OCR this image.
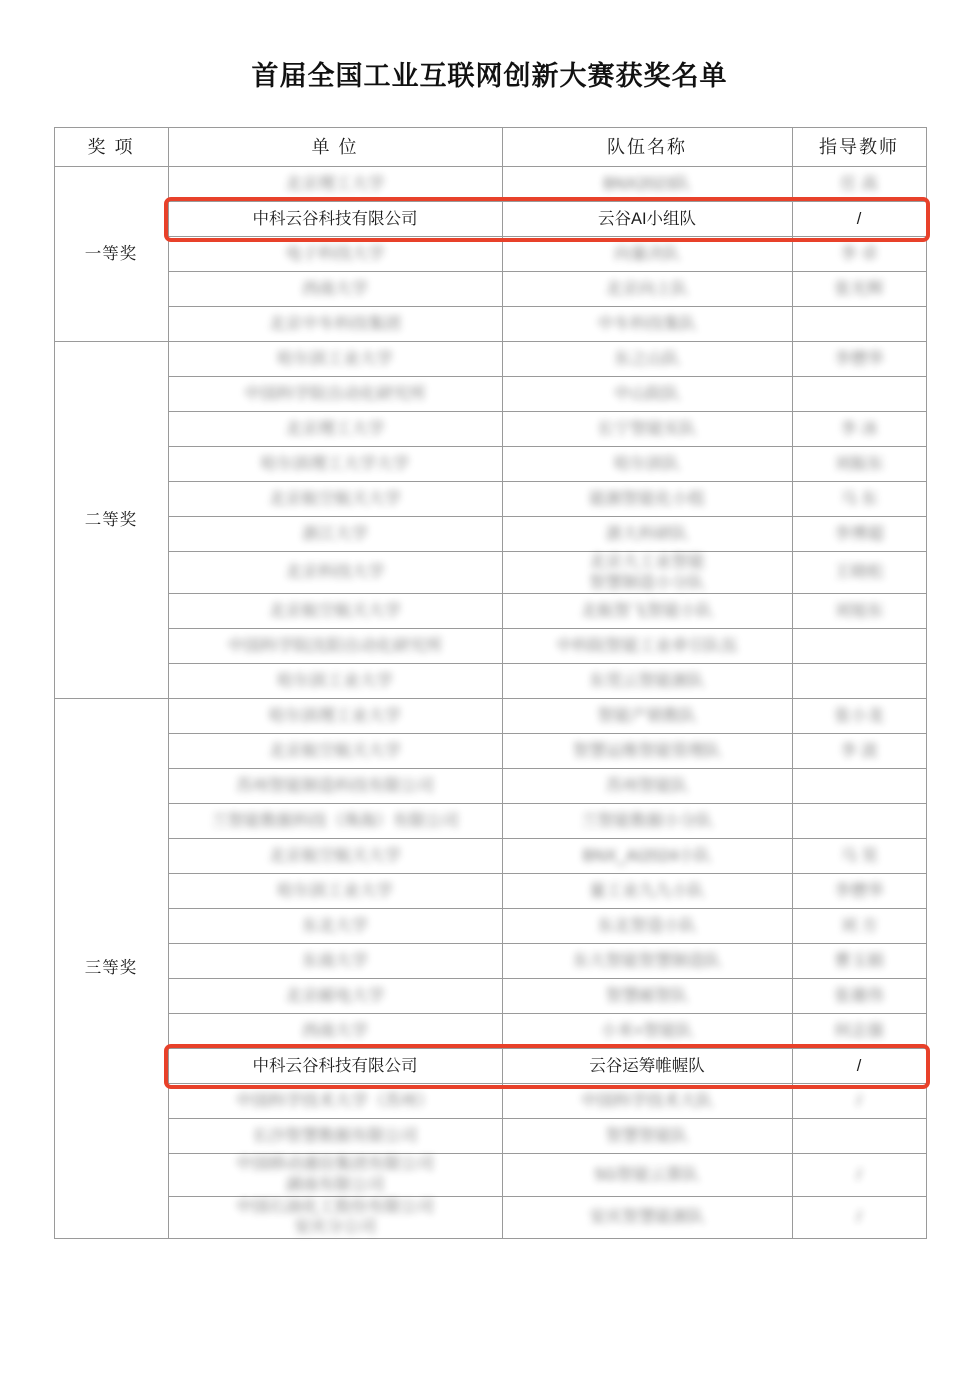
首届全国工业互联网创新大赛获奖名单
奖 项	单 位	队伍名称	指导教师
一等奖	北京理工大学	BNX2023队	任 高
	中科云谷科技有限公司	云谷AI小组队	/
	电子科技大学	向量决队	李 卓
	西南大学	北京向上队	张光辉
	北京中车科技集团	中车科技集队	
二等奖	哈尔滨工业大学	东之山队	李懋华
	中国科学院自动化研究所	中山院队	
	北京理工大学	长宁智能实队	李 冰
	哈尔滨理工大学大学	哈尔滨队	刘振东
	北京航空航天大学	能源智能化小组	马 东
	浙江大学	浙大科研队	李博超
	北京科技大学	北京大工业智能
智慧制造小分队	王晓松
	北京航空航天大学	北航智飞智能小队	刘旭东
	中国科学院沈阳自动化研究所	中科院智能工业牵引队伍	
	哈尔滨工业大学	东莞云智能源队	
三等奖	哈尔滨理工业大学	智能产销数队	张小龙
	北京航空航天大学	智慧运维智能管理队	李 波
	苏州智能制造科技有限公司	苏州智能队	
	兰智能数据科技（珠海）有限公司	兰智能数据小分队	
	北京航空航天大学	BNX_AI2024小队	马 昊
	哈尔滨工业大学	量工业九九小队	李懋华
	东北大学	东北智造小队	刘 方
	东南大学	东大智能智慧制造队	曹玉娟
	北京邮电大学	智慧邮智队	张雄伟
	西南大学	小米+智能队	何志强
	中科云谷科技有限公司	云谷运筹帷幄队	/
	中国科学技术大学（苏州）	中国科学技术大队	/
	长沙智慧数据有限公司	智慧智能队	

	中国移动通信集团有限公司
湖南有限公司	5G智能云算队	/

	中国石油化工股份有限公司
安庆分公司	安庆智慧能源队	/
